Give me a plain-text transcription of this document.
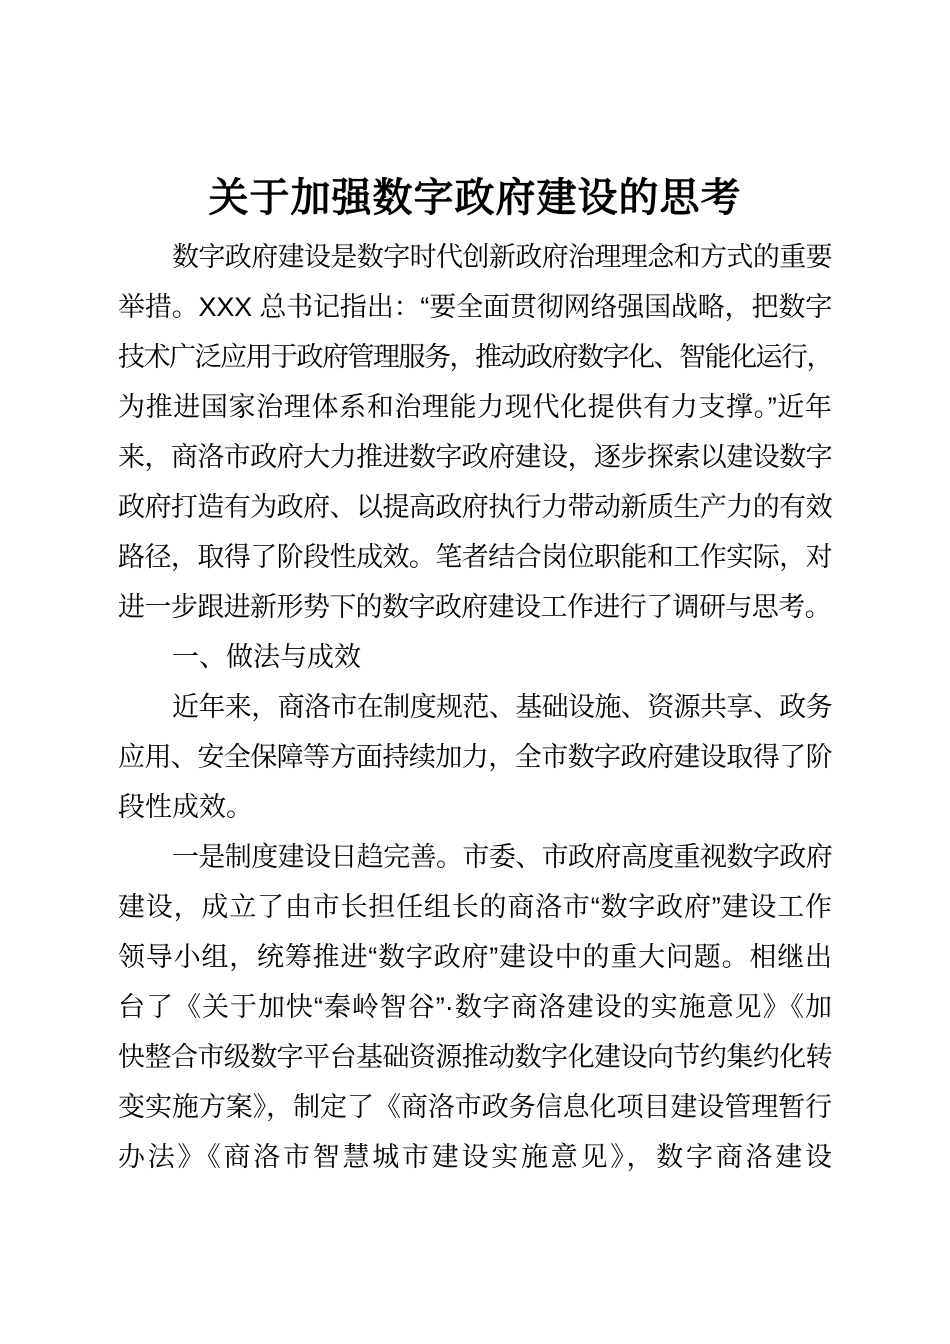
关于加强数字政府建设的思考
数字政府建设是数字时代创新政府治理理念和方式的重要
举措。XXX 总书记指出：“要全面贯彻网络强国战略，把数字
技术广泛应用于政府管理服务，推动政府数字化、智能化运行，
为推进国家治理体系和治理能力现代化提供有力支撑。”近年
来，商洛市政府大力推进数字政府建设，逐步探索以建设数字
政府打造有为政府、以提高政府执行力带动新质生产力的有效
路径，取得了阶段性成效。笔者结合岗位职能和工作实际，对
进一步跟进新形势下的数字政府建设工作进行了调研与思考。
一、做法与成效
近年来，商洛市在制度规范、基础设施、资源共享、政务
应用、安全保障等方面持续加力，全市数字政府建设取得了阶
段性成效。
一是制度建设日趋完善。市委、市政府高度重视数字政府
建设，成立了由市长担任组长的商洛市“数字政府”建设工作
领导小组，统筹推进“数字政府”建设中的重大问题。相继出
台了《关于加快“秦岭智谷”·数字商洛建设的实施意见》《加
快整合市级数字平台基础资源推动数字化建设向节约集约化转
变实施方案》，制定了《商洛市政务信息化项目建设管理暂行
办法》《商洛市智慧城市建设实施意见》，数字商洛建设
